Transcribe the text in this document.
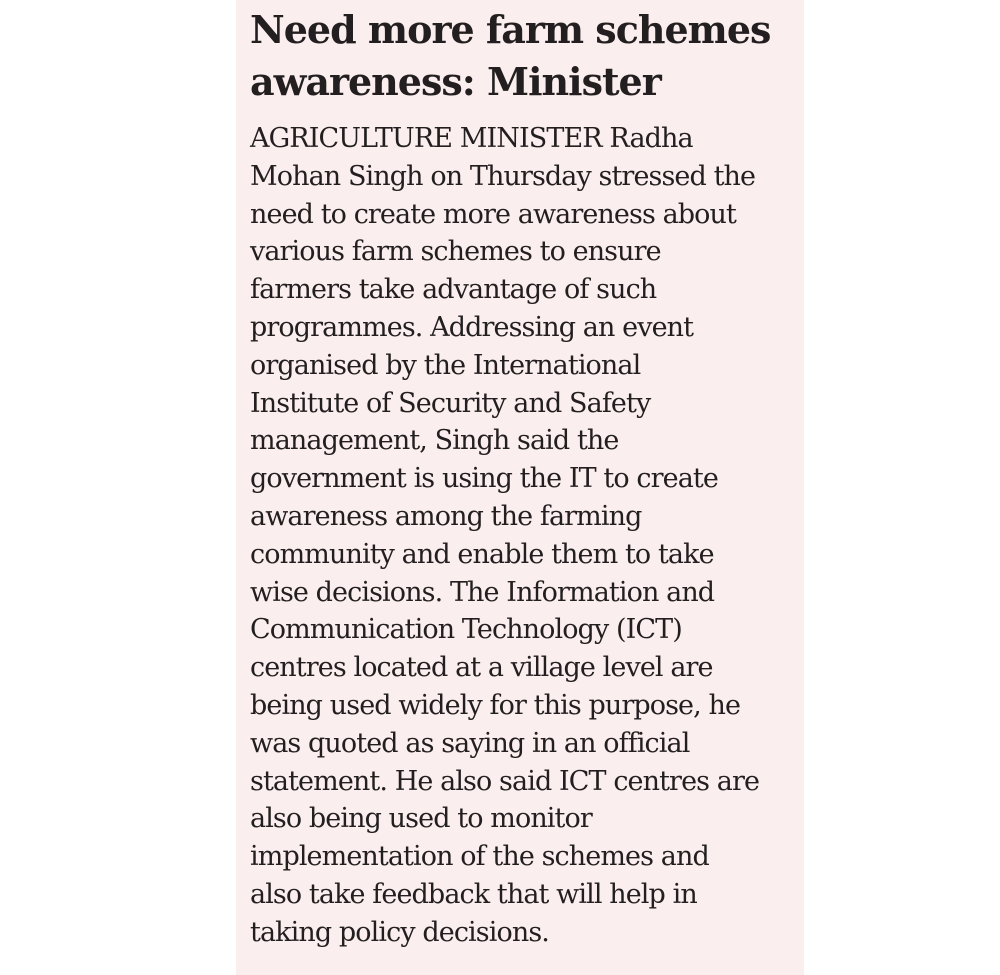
Need more farm schemes
awareness: Minister

AGRICULTURE MINISTER Radha
Mohan Singh on Thursday stressed the
need to create more awareness about
various farm schemes to ensure
farmers take advantage of such
programmes. Addressing an event
organised by the International
Institute of Security and Safety
management, Singh said the
government is using the IT to create
awareness among the farming
community and enable them to take
wise decisions. The Information and
Communication Technology (ICT)
centres located at a village level are
being used widely for this purpose, he
was quoted as saying in an official
statement. He also said ICT centres are
also being used to monitor
implementation of the schemes and
also take feedback that will help in
taking policy decisions.
